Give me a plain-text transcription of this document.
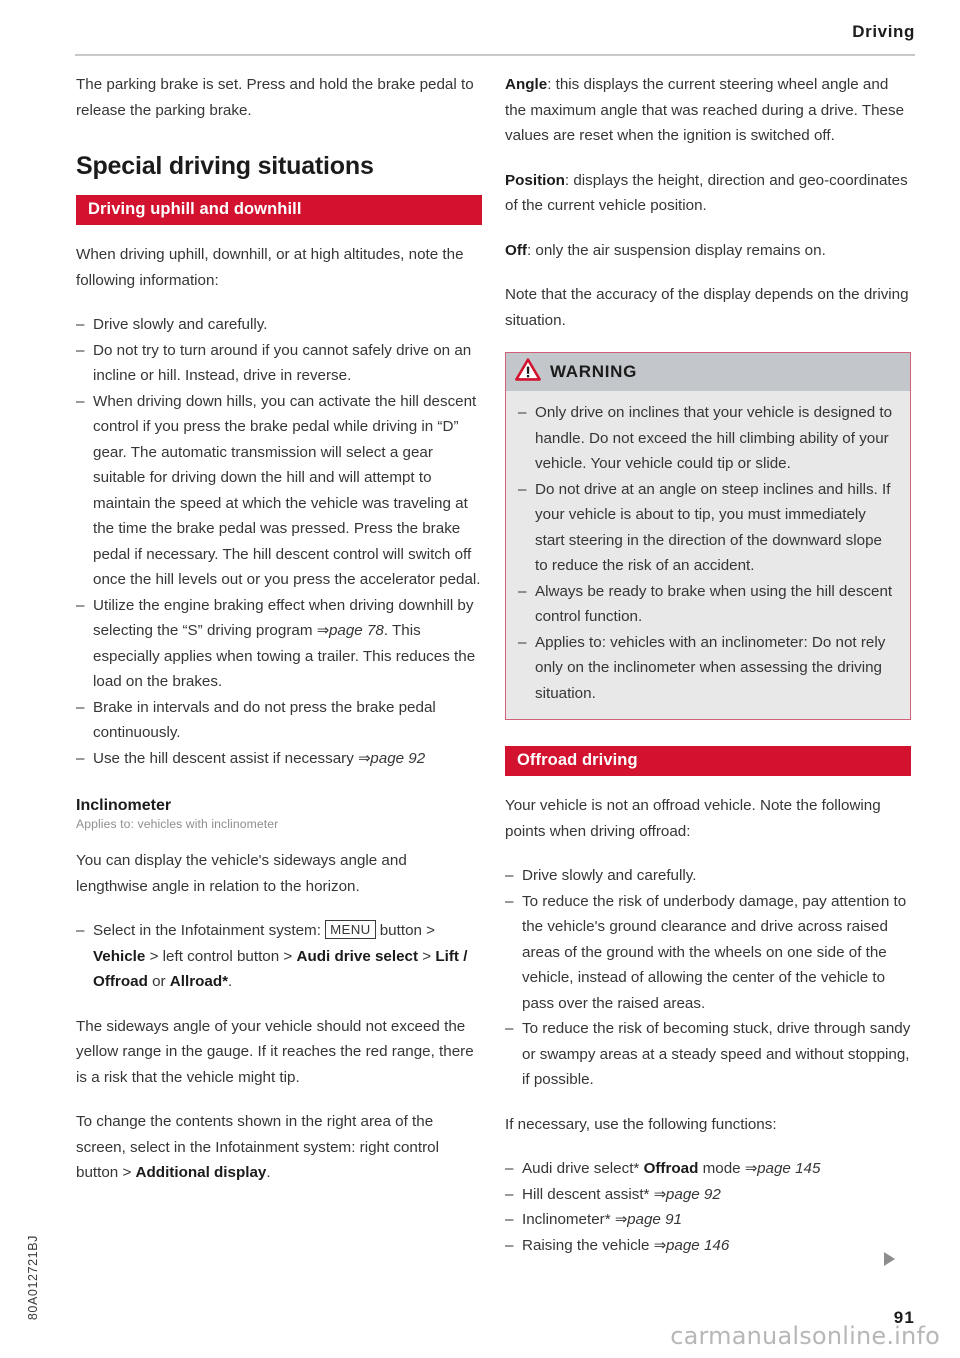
Driving

The parking brake is set. Press and hold the brake pedal to release the parking brake.

Special driving situations
Driving uphill and downhill

When driving uphill, downhill, or at high altitudes, note the following information:

– Drive slowly and carefully.
– Do not try to turn around if you cannot safely drive on an incline or hill. Instead, drive in reverse.
– When driving down hills, you can activate the hill descent control if you press the brake pedal while driving in “D” gear. The automatic transmission will select a gear suitable for driving down the hill and will attempt to maintain the speed at which the vehicle was traveling at the time the brake pedal was pressed. Press the brake pedal if necessary. The hill descent control will switch off once the hill levels out or you press the accelerator pedal.
– Utilize the engine braking effect when driving downhill by selecting the “S” driving program ⇒page 78. This especially applies when towing a trailer. This reduces the load on the brakes.
– Brake in intervals and do not press the brake pedal continuously.
– Use the hill descent assist if necessary ⇒page 92
Inclinometer
Applies to: vehicles with inclinometer

You can display the vehicle's sideways angle and lengthwise angle in relation to the horizon.

– Select in the Infotainment system: MENU button > Vehicle > left control button > Audi drive select > Lift / Offroad or Allroad*.

The sideways angle of your vehicle should not exceed the yellow range in the gauge. If it reaches the red range, there is a risk that the vehicle might tip.

To change the contents shown in the right area of the screen, select in the Infotainment system: right control button > Additional display.

Angle: this displays the current steering wheel angle and the maximum angle that was reached during a drive. These values are reset when the ignition is switched off.

Position: displays the height, direction and geo-coordinates of the current vehicle position.

Off: only the air suspension display remains on.

Note that the accuracy of the display depends on the driving situation.

WARNING
– Only drive on inclines that your vehicle is designed to handle. Do not exceed the hill climbing ability of your vehicle. Your vehicle could tip or slide.
– Do not drive at an angle on steep inclines and hills. If your vehicle is about to tip, you must immediately start steering in the direction of the downward slope to reduce the risk of an accident.
– Always be ready to brake when using the hill descent control function.
– Applies to: vehicles with an inclinometer: Do not rely only on the inclinometer when assessing the driving situation.
Offroad driving

Your vehicle is not an offroad vehicle. Note the following points when driving offroad:

– Drive slowly and carefully.
– To reduce the risk of underbody damage, pay attention to the vehicle's ground clearance and drive across raised areas of the ground with the wheels on one side of the vehicle, instead of allowing the center of the vehicle to pass over the raised areas.
– To reduce the risk of becoming stuck, drive through sandy or swampy areas at a steady speed and without stopping, if possible.

If necessary, use the following functions:

– Audi drive select* Offroad mode ⇒page 145
– Hill descent assist* ⇒page 92
– Inclinometer* ⇒page 91
– Raising the vehicle ⇒page 146
80A012721BJ	91
carmanualsonline.info
